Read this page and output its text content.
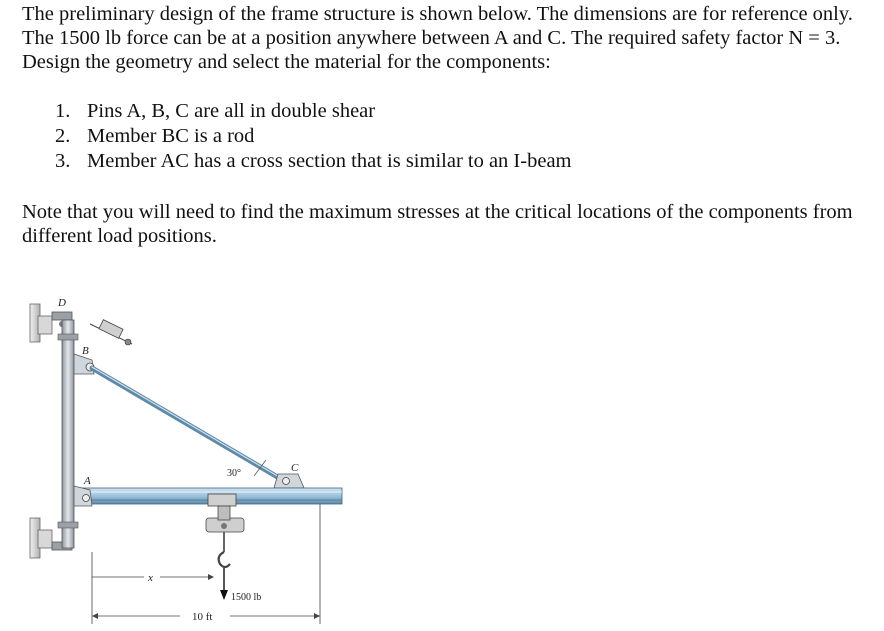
The preliminary design of the frame structure is shown below. The dimensions are for reference only. The 1500 lb force can be at a position anywhere between A and C. The required safety factor N = 3. Design the geometry and select the material for the components:

1. Pins A, B, C are all in double shear
2. Member BC is a rod
3. Member AC has a cross section that is similar to an I-beam

Note that you will need to find the maximum stresses at the critical locations of the components from different load positions.

D
B
A
C
x
30°
1500 lb
10 ft
